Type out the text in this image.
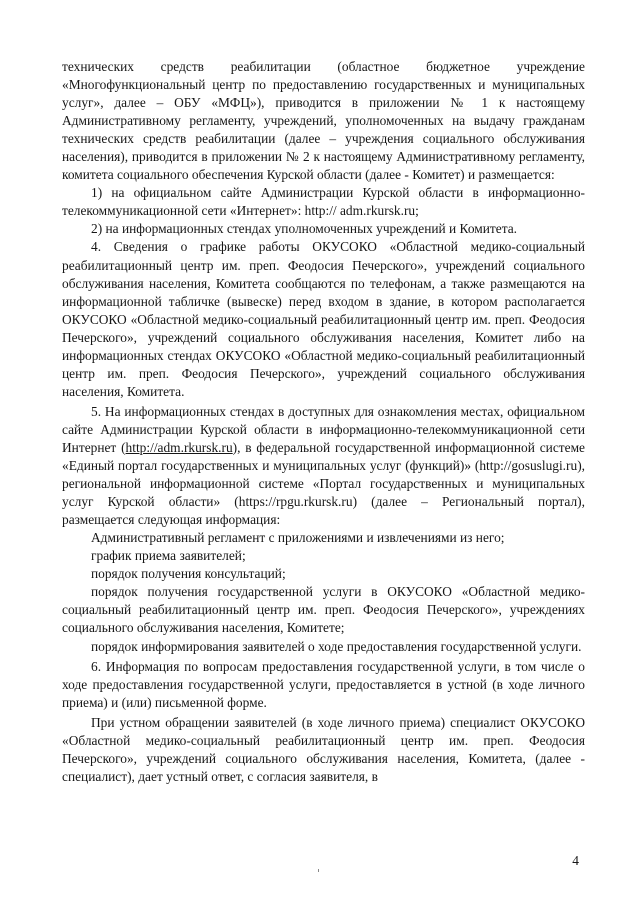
технических средств реабилитации (областное бюджетное учреждение «Многофункциональный центр по предоставлению государственных и муниципальных услуг», далее – ОБУ «МФЦ»), приводится в приложении № 1 к настоящему Административному регламенту, учреждений, уполномоченных на выдачу гражданам технических средств реабилитации (далее – учреждения социального обслуживания населения), приводится в приложении № 2 к настоящему Административному регламенту, комитета социального обеспечения Курской области (далее - Комитет) и размещается:

1) на официальном сайте Администрации Курской области в информационно-телекоммуникационной сети «Интернет»: http:// adm.rkursk.ru;

2) на информационных стендах уполномоченных учреждений и Комитета.

4. Сведения о графике работы ОКУСОКО «Областной медико-социальный реабилитационный центр им. преп. Феодосия Печерского», учреждений социального обслуживания населения, Комитета сообщаются по телефонам, а также размещаются на информационной табличке (вывеске) перед входом в здание, в котором располагается ОКУСОКО «Областной медико-социальный реабилитационный центр им. преп. Феодосия Печерского», учреждений социального обслуживания населения, Комитет либо на информационных стендах ОКУСОКО «Областной медико-социальный реабилитационный центр им. преп. Феодосия Печерского», учреждений социального обслуживания населения, Комитета.

5. На информационных стендах в доступных для ознакомления местах, официальном сайте Администрации Курской области в информационно-телекоммуникационной сети Интернет (http://adm.rkursk.ru), в федеральной государственной информационной системе «Единый портал государственных и муниципальных услуг (функций)» (http://gosuslugi.ru), региональной информационной системе «Портал государственных и муниципальных услуг Курской области» (https://rpgu.rkursk.ru) (далее – Региональный портал), размещается следующая информация:

Административный регламент с приложениями и извлечениями из него;

график приема заявителей;

порядок получения консультаций;

порядок получения государственной услуги в ОКУСОКО «Областной медико-социальный реабилитационный центр им. преп. Феодосия Печерского», учреждениях социального обслуживания населения, Комитете;

порядок информирования заявителей о ходе предоставления государственной услуги.

6. Информация по вопросам предоставления государственной услуги, в том числе о ходе предоставления государственной услуги, предоставляется в устной (в ходе личного приема) и (или) письменной форме.

При устном обращении заявителей (в ходе личного приема) специалист ОКУСОКО «Областной медико-социальный реабилитационный центр им. преп. Феодосия Печерского», учреждений социального обслуживания населения, Комитета, (далее - специалист), дает устный ответ, с согласия заявителя, в

4
